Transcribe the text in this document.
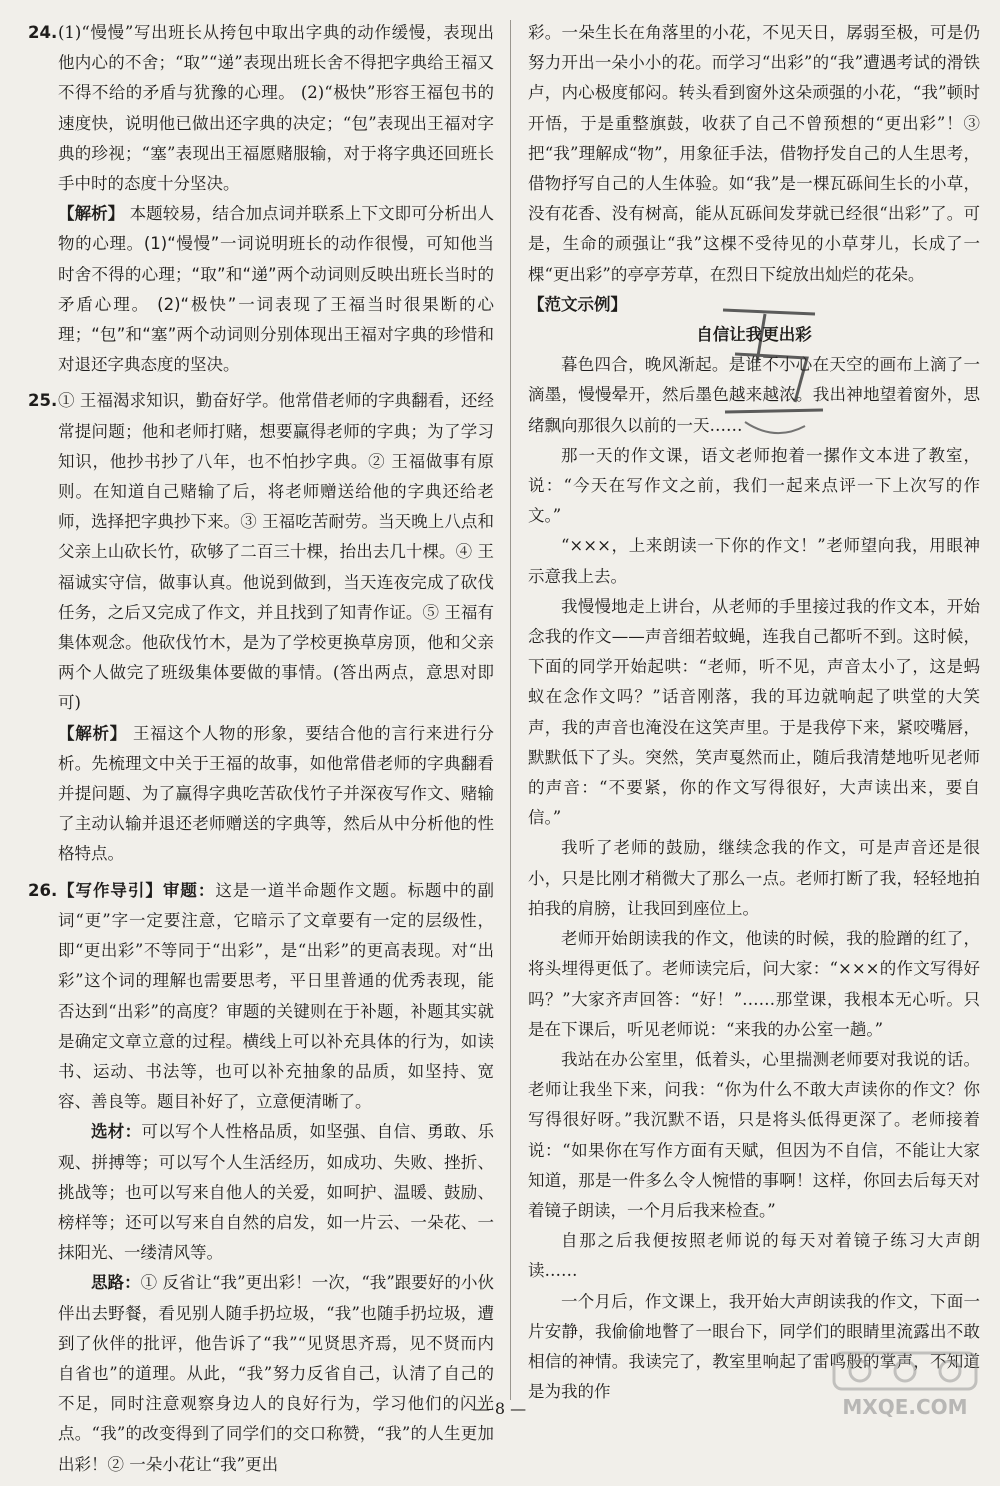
24. (1)“慢慢”写出班长从挎包中取出字典的动作缓慢，表现出他内心的不舍；“取”“递”表现出班长舍不得把字典给王福又不得不给的矛盾与犹豫的心理。 (2)“极快”形容王福包书的速度快，说明他已做出还字典的决定；“包”表现出王福对字典的珍视；“塞”表现出王福愿赌服输，对于将字典还回班长手中时的态度十分坚决。

【解析】 本题较易，结合加点词并联系上下文即可分析出人物的心理。(1)“慢慢”一词说明班长的动作很慢，可知他当时舍不得的心理；“取”和“递”两个动词则反映出班长当时的矛盾心理。 (2)“极快”一词表现了王福当时很果断的心理；“包”和“塞”两个动词则分别体现出王福对字典的珍惜和对退还字典态度的坚决。

25. ① 王福渴求知识，勤奋好学。他常借老师的字典翻看，还经常提问题；他和老师打赌，想要赢得老师的字典；为了学习知识，他抄书抄了八年，也不怕抄字典。② 王福做事有原则。在知道自己赌输了后，将老师赠送给他的字典还给老师，选择把字典抄下来。③ 王福吃苦耐劳。当天晚上八点和父亲上山砍长竹，砍够了二百三十棵，抬出去几十棵。④ 王福诚实守信，做事认真。他说到做到，当天连夜完成了砍伐任务，之后又完成了作文，并且找到了知青作证。⑤ 王福有集体观念。他砍伐竹木，是为了学校更换草房顶，他和父亲两个人做完了班级集体要做的事情。(答出两点，意思对即可)

【解析】 王福这个人物的形象，要结合他的言行来进行分析。先梳理文中关于王福的故事，如他常借老师的字典翻看并提问题、为了赢得字典吃苦砍伐竹子并深夜写作文、赌输了主动认输并退还老师赠送的字典等，然后从中分析他的性格特点。

26. 【写作导引】审题：这是一道半命题作文题。标题中的副词“更”字一定要注意，它暗示了文章要有一定的层级性，即“更出彩”不等同于“出彩”，是“出彩”的更高表现。对“出彩”这个词的理解也需要思考，平日里普通的优秀表现，能否达到“出彩”的高度？审题的关键则在于补题，补题其实就是确定文章立意的过程。横线上可以补充具体的行为，如读书、运动、书法等，也可以补充抽象的品质，如坚持、宽容、善良等。题目补好了，立意便清晰了。

选材：可以写个人性格品质，如坚强、自信、勇敢、乐观、拼搏等；可以写个人生活经历，如成功、失败、挫折、挑战等；也可以写来自他人的关爱，如呵护、温暖、鼓励、榜样等；还可以写来自自然的启发，如一片云、一朵花、一抹阳光、一缕清风等。

思路：① 反省让“我”更出彩！一次，“我”跟要好的小伙伴出去野餐，看见别人随手扔垃圾，“我”也随手扔垃圾，遭到了伙伴的批评，他告诉了“我”“见贤思齐焉，见不贤而内自省也”的道理。从此，“我”努力反省自己，认清了自己的不足，同时注意观察身边人的良好行为，学习他们的闪光点。“我”的改变得到了同学们的交口称赞，“我”的人生更加出彩！② 一朵小花让“我”更出

彩。一朵生长在角落里的小花，不见天日，孱弱至极，可是仍努力开出一朵小小的花。而学习“出彩”的“我”遭遇考试的滑铁卢，内心极度郁闷。转头看到窗外这朵顽强的小花，“我”顿时开悟，于是重整旗鼓，收获了自己不曾预想的“更出彩”！③ 把“我”理解成“物”，用象征手法，借物抒发自己的人生思考，借物抒写自己的人生体验。如“我”是一棵瓦砾间生长的小草，没有花香、没有树高，能从瓦砾间发芽就已经很“出彩”了。可是，生命的顽强让“我”这棵不受待见的小草芽儿，长成了一棵“更出彩”的亭亭芳草，在烈日下绽放出灿烂的花朵。

【范文示例】

自信让我更出彩

暮色四合，晚风渐起。是谁不小心在天空的画布上滴了一滴墨，慢慢晕开，然后墨色越来越浓。我出神地望着窗外，思绪飘向那很久以前的一天……

那一天的作文课，语文老师抱着一摞作文本进了教室，说：“今天在写作文之前，我们一起来点评一下上次写的作文。”

“×××，上来朗读一下你的作文！”老师望向我，用眼神示意我上去。

我慢慢地走上讲台，从老师的手里接过我的作文本，开始念我的作文——声音细若蚊蝇，连我自己都听不到。这时候，下面的同学开始起哄：“老师，听不见，声音太小了，这是蚂蚁在念作文吗？”话音刚落，我的耳边就响起了哄堂的大笑声，我的声音也淹没在这笑声里。于是我停下来，紧咬嘴唇，默默低下了头。突然，笑声戛然而止，随后我清楚地听见老师的声音：“不要紧，你的作文写得很好，大声读出来，要自信。”

我听了老师的鼓励，继续念我的作文，可是声音还是很小，只是比刚才稍微大了那么一点。老师打断了我，轻轻地拍拍我的肩膀，让我回到座位上。

老师开始朗读我的作文，他读的时候，我的脸蹭的红了，将头埋得更低了。老师读完后，问大家：“×××的作文写得好吗？”大家齐声回答：“好！”……那堂课，我根本无心听。只是在下课后，听见老师说：“来我的办公室一趟。”

我站在办公室里，低着头，心里揣测老师要对我说的话。老师让我坐下来，问我：“你为什么不敢大声读你的作文？你写得很好呀。”我沉默不语，只是将头低得更深了。老师接着说：“如果你在写作方面有天赋，但因为不自信，不能让大家知道，那是一件多么令人惋惜的事啊！这样，你回去后每天对着镜子朗读，一个月后我来检查。”

自那之后我便按照老师说的每天对着镜子练习大声朗读……

一个月后，作文课上，我开始大声朗读我的作文，下面一片安静，我偷偷地瞥了一眼台下，同学们的眼睛里流露出不敢相信的神情。我读完了，教室里响起了雷鸣般的掌声，不知道是为我的作

— 8 —	MXQE.COM
